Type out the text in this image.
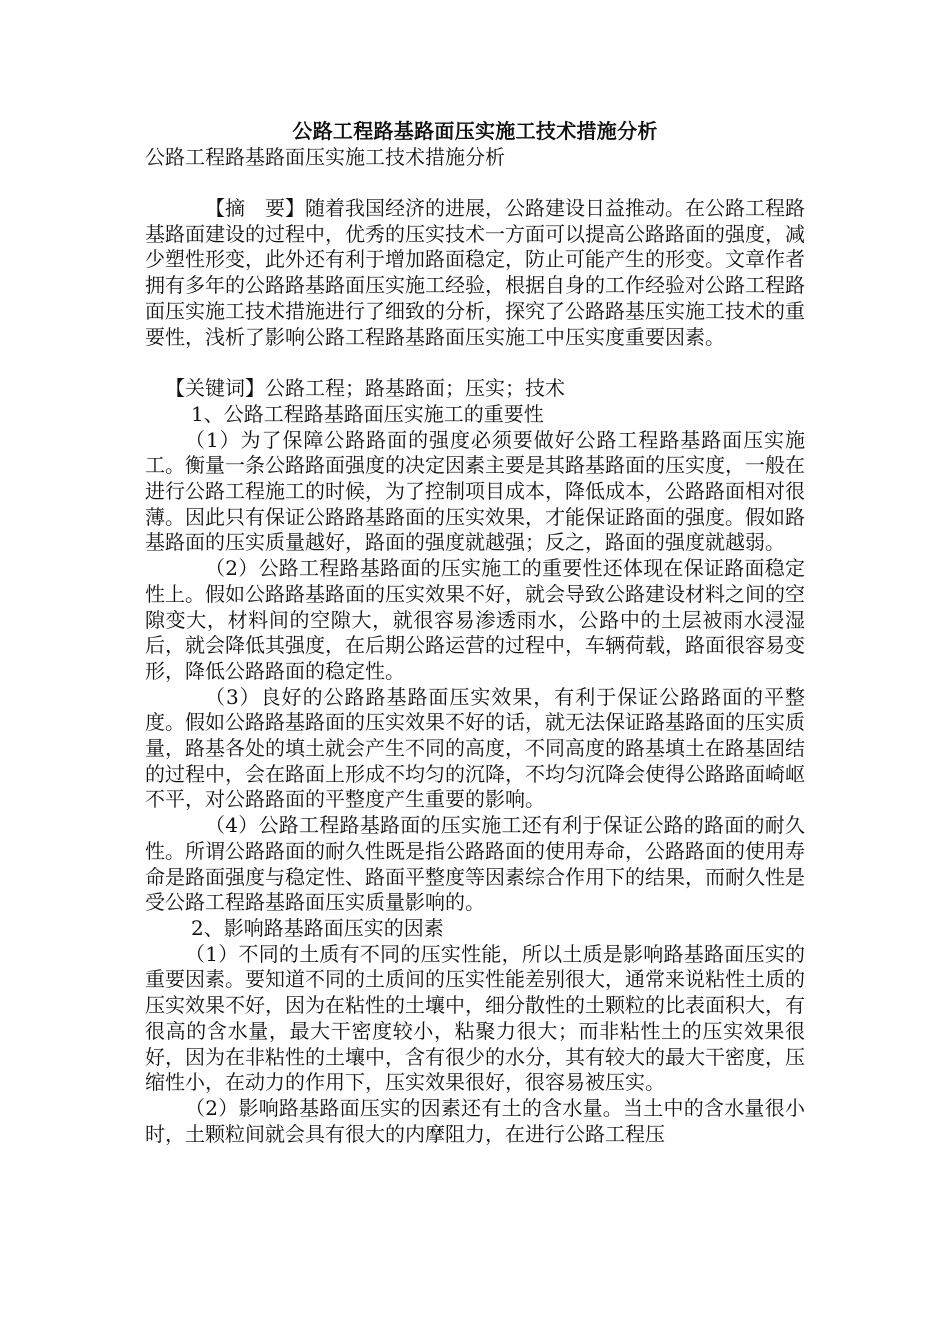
公路工程路基路面压实施工技术措施分析
公路工程路基路面压实施工技术措施分析

【摘　要】随着我国经济的进展，公路建设日益推动。在公路工程路基路面建设的过程中，优秀的压实技术一方面可以提高公路路面的强度，减少塑性形变，此外还有利于增加路面稳定，防止可能产生的形变。文章作者拥有多年的公路路基路面压实施工经验，根据自身的工作经验对公路工程路面压实施工技术措施进行了细致的分析，探究了公路路基压实施工技术的重要性，浅析了影响公路工程路基路面压实施工中压实度重要因素。

【关键词】公路工程；路基路面；压实；技术

1、公路工程路基路面压实施工的重要性

（1）为了保障公路路面的强度必须要做好公路工程路基路面压实施工。衡量一条公路路面强度的决定因素主要是其路基路面的压实度，一般在进行公路工程施工的时候，为了控制项目成本，降低成本，公路路面相对很薄。因此只有保证公路路基路面的压实效果，才能保证路面的强度。假如路基路面的压实质量越好，路面的强度就越强；反之，路面的强度就越弱。

（2）公路工程路基路面的压实施工的重要性还体现在保证路面稳定性上。假如公路路基路面的压实效果不好，就会导致公路建设材料之间的空隙变大，材料间的空隙大，就很容易渗透雨水，公路中的土层被雨水浸湿后，就会降低其强度，在后期公路运营的过程中，车辆荷载，路面很容易变形，降低公路路面的稳定性。

（3）良好的公路路基路面压实效果，有利于保证公路路面的平整度。假如公路路基路面的压实效果不好的话，就无法保证路基路面的压实质量，路基各处的填土就会产生不同的高度，不同高度的路基填土在路基固结的过程中，会在路面上形成不均匀的沉降，不均匀沉降会使得公路路面崎岖不平，对公路路面的平整度产生重要的影响。

（4）公路工程路基路面的压实施工还有利于保证公路的路面的耐久性。所谓公路路面的耐久性既是指公路路面的使用寿命，公路路面的使用寿命是路面强度与稳定性、路面平整度等因素综合作用下的结果，而耐久性是受公路工程路基路面压实质量影响的。

2、影响路基路面压实的因素

（1）不同的土质有不同的压实性能，所以土质是影响路基路面压实的重要因素。要知道不同的土质间的压实性能差别很大，通常来说粘性土质的压实效果不好，因为在粘性的土壤中，细分散性的土颗粒的比表面积大，有很高的含水量，最大干密度较小，粘聚力很大；而非粘性土的压实效果很好，因为在非粘性的土壤中，含有很少的水分，其有较大的最大干密度，压缩性小，在动力的作用下，压实效果很好，很容易被压实。

（2）影响路基路面压实的因素还有土的含水量。当土中的含水量很小时，土颗粒间就会具有很大的内摩阻力，在进行公路工程压
